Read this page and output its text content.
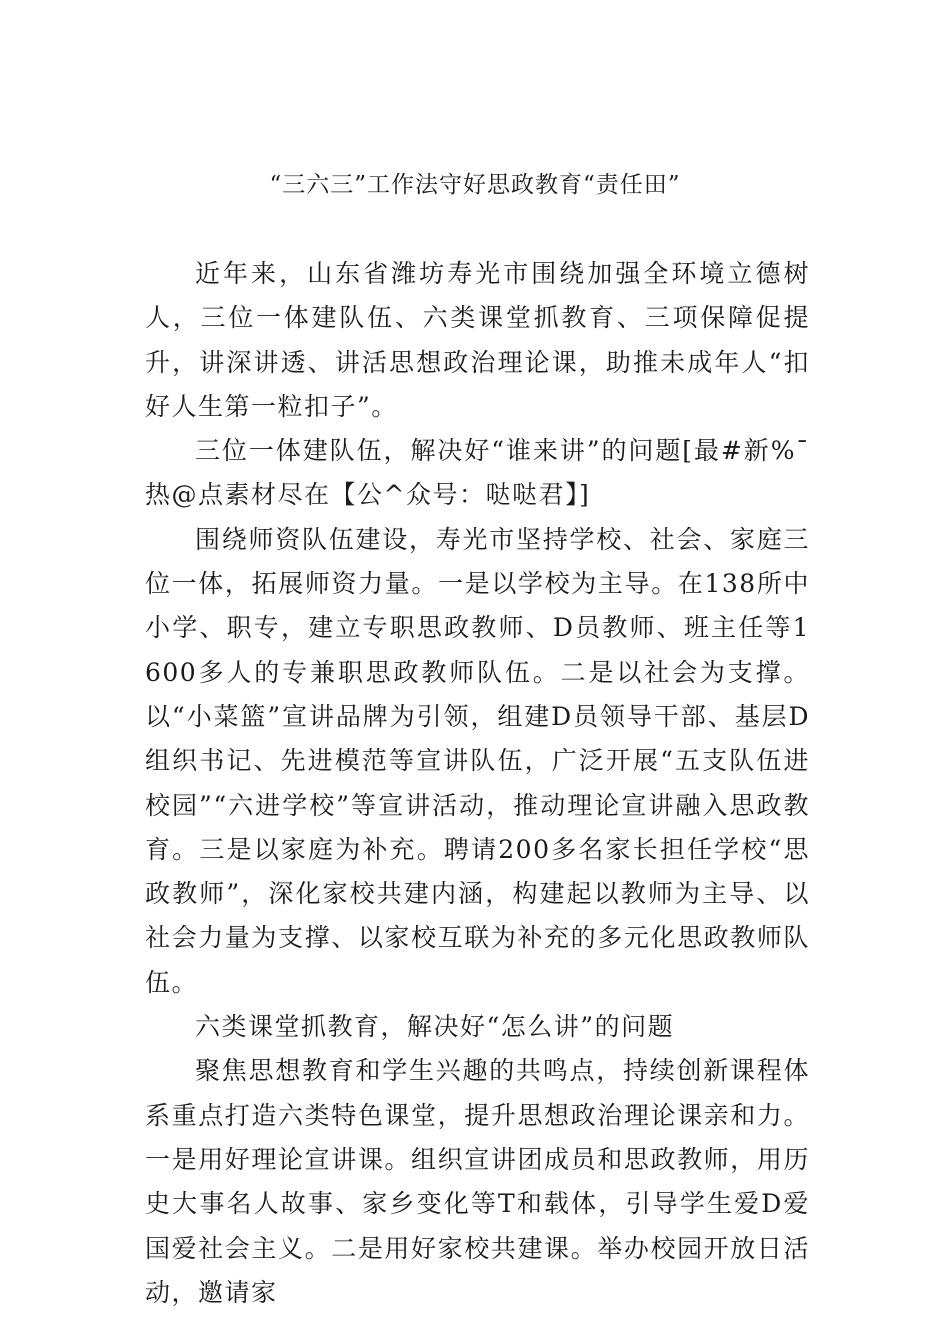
“三六三”工作法守好思政教育“责任田”

近年来，山东省潍坊寿光市围绕加强全环境立德树人，三位一体建队伍、六类课堂抓教育、三项保障促提升，讲深讲透、讲活思想政治理论课，助推未成年人“扣好人生第一粒扣子”。

三位一体建队伍，解决好“谁来讲”的问题[最#新%¯热@点素材尽在【公^众号：哒哒君】]

围绕师资队伍建设，寿光市坚持学校、社会、家庭三位一体，拓展师资力量。一是以学校为主导。在138所中小学、职专，建立专职思政教师、D员教师、班主任等1600多人的专兼职思政教师队伍。二是以社会为支撑。以“小菜篮”宣讲品牌为引领，组建D员领导干部、基层D组织书记、先进模范等宣讲队伍，广泛开展“五支队伍进校园”“六进学校”等宣讲活动，推动理论宣讲融入思政教育。三是以家庭为补充。聘请200多名家长担任学校“思政教师”，深化家校共建内涵，构建起以教师为主导、以社会力量为支撑、以家校互联为补充的多元化思政教师队伍。

六类课堂抓教育，解决好“怎么讲”的问题

聚焦思想教育和学生兴趣的共鸣点，持续创新课程体系重点打造六类特色课堂，提升思想政治理论课亲和力。一是用好理论宣讲课。组织宣讲团成员和思政教师，用历史大事名人故事、家乡变化等T和载体，引导学生爱D爱国爱社会主义。二是用好家校共建课。举办校园开放日活动，邀请家
